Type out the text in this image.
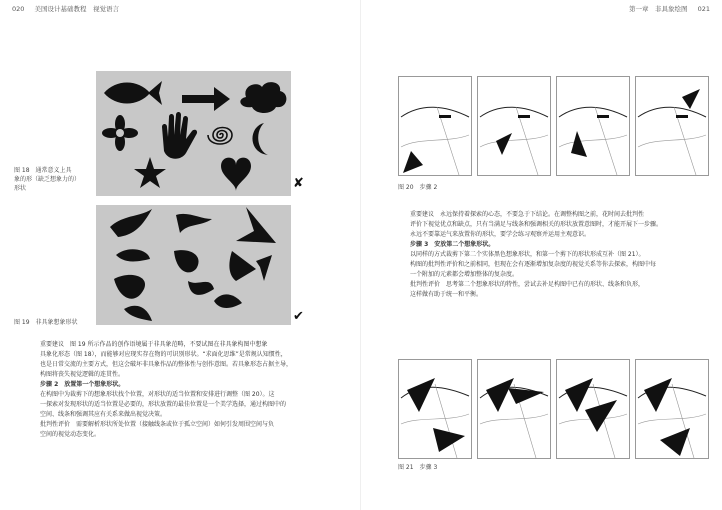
020 美国设计基础教程　视觉语言	第一章　非具象绘图 021
图 18　通常意义上具
象的形（缺乏想象力的）
形状	✘
图 19　非具象想象形状	✔
重要建议　图 19 所示作品的创作语境属于非具象范畴，不要试图在非具象构图中想象
具象化形态（图 18），而能够对应现实存在物的可识别形状。“求面化思维”是常规认知惯性，
也是日常交流的主要方式，但这会破坏非具象作品的整体性与创作意图。若具象形态占据主导，
构图将丧失视觉逻辑的连贯性。
步骤 2　放置第一个想象形状。
在构图中为裁剪下的想象形状找个位置，对形状的适当位置和安排进行调整（图 20）。这
一探索对发现形状的适当位置是必要的，形状放置的最佳位置是一个美学选择，通过构图中的
空间、线条和强调其应有关系来做出视觉决策。
批判性评价　需要解析形状所处位置（接触线条或位于孤立空间）如何引发周围空间与负
空间的视觉动态变化。
图 20　步骤 2
重要建议　永远保持着探索的心态，不要急于下结论。在调整构图之前，花时间去批判性
评价下视觉优点和缺点，只有当满足与线条和强调相关的形状放置意图时，才能开展下一步骤。
永远不要靠运气来放置你的形状，要学会练习观察并运用主观意识。
步骤 3　安放第二个想象形状。
以同样的方式裁剪下第二个实体黑色想象形状，和第一个剪下的形状形成互补（图 21）。
构图的批判性评价和之前相同，但现在会有逐渐增加复杂度的视觉关系等你去探索，构图中每
一个附加的元素都会增加整体的复杂度。
批判性评价　思考第二个想象形状的特性，尝试去补足构图中已有的形状、线条和负形，
这样做有助于统一和平衡。
图 21　步骤 3
